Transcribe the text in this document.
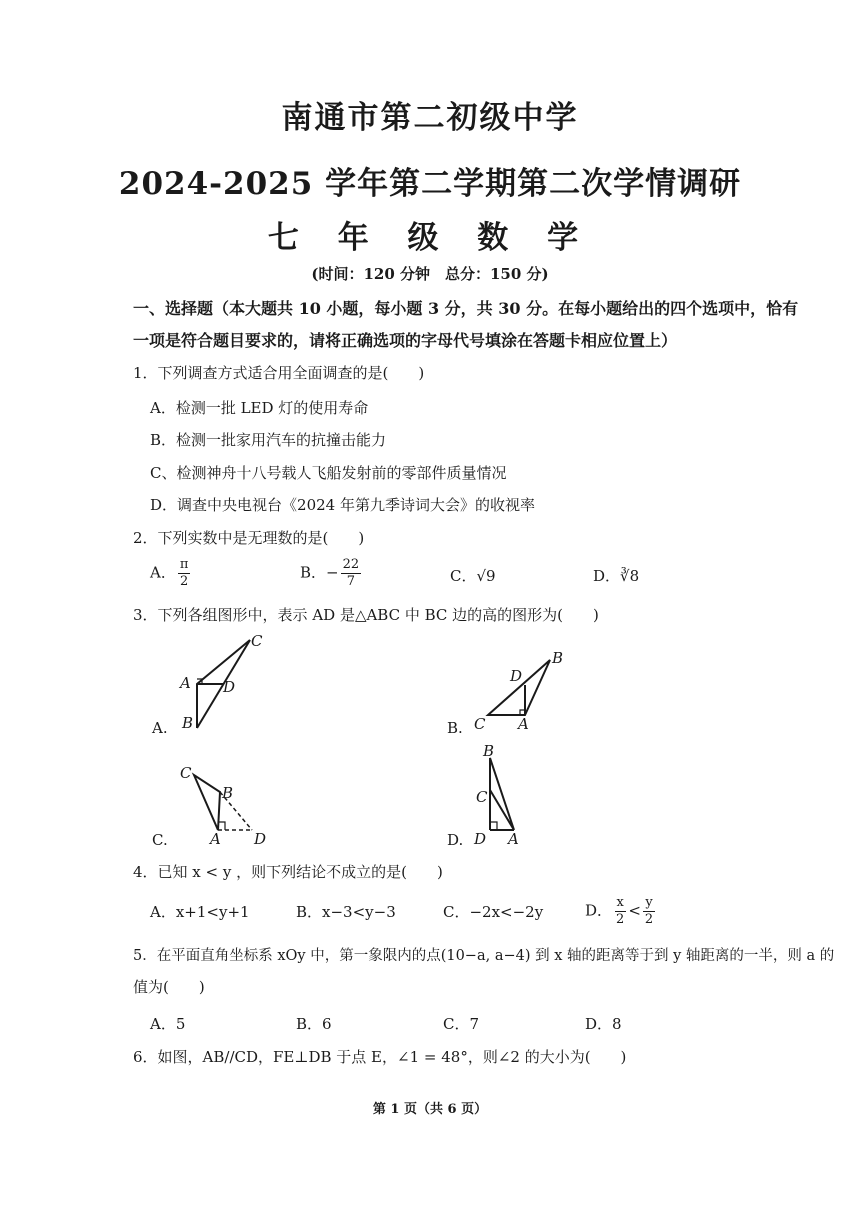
南通市第二初级中学
2024-2025 学年第二学期第二次学情调研
七 年 级 数 学
(时间：120 分钟　总分：150 分)
一、选择题（本大题共 10 小题，每小题 3 分，共 30 分。在每小题给出的四个选项中，恰有
一项是符合题目要求的，请将正确选项的字母代号填涂在答题卡相应位置上）
1．下列调查方式适合用全面调查的是(　　)
A．检测一批 LED 灯的使用寿命
B．检测一批家用汽车的抗撞击能力
C、检测神舟十八号载人飞船发射前的零部件质量情况
D．调查中央电视台《2024 年第九季诗词大会》的收视率
2．下列实数中是无理数的是(　　)
A． $\frac{\pi}{2}$	B．− $\frac{22}{7}$	C．√9	D．∛8
3．下列各组图形中，表示 AD 是△ABC 中 BC 边的高的图形为(　　)
A.
C
A D
B	B.
B
D
C A
C.
C
B
A D	D.
B
C
D A
4．已知 x < y ，则下列结论不成立的是(　　)
A．x+1<y+1	B．x−3<y−3	C．−2x<−2y	D． $\frac{x}{2} < \frac{y}{2}$
5．在平面直角坐标系 xOy 中，第一象限内的点(10−a, a−4) 到 x 轴的距离等于到 y 轴距离的一半，则 a 的
值为(　　)
A．5	B．6	C．7	D．8
6．如图，AB//CD，FE⊥DB 于点 E，∠1 = 48°，则∠2 的大小为(　　)
第 1 页（共 6 页）
